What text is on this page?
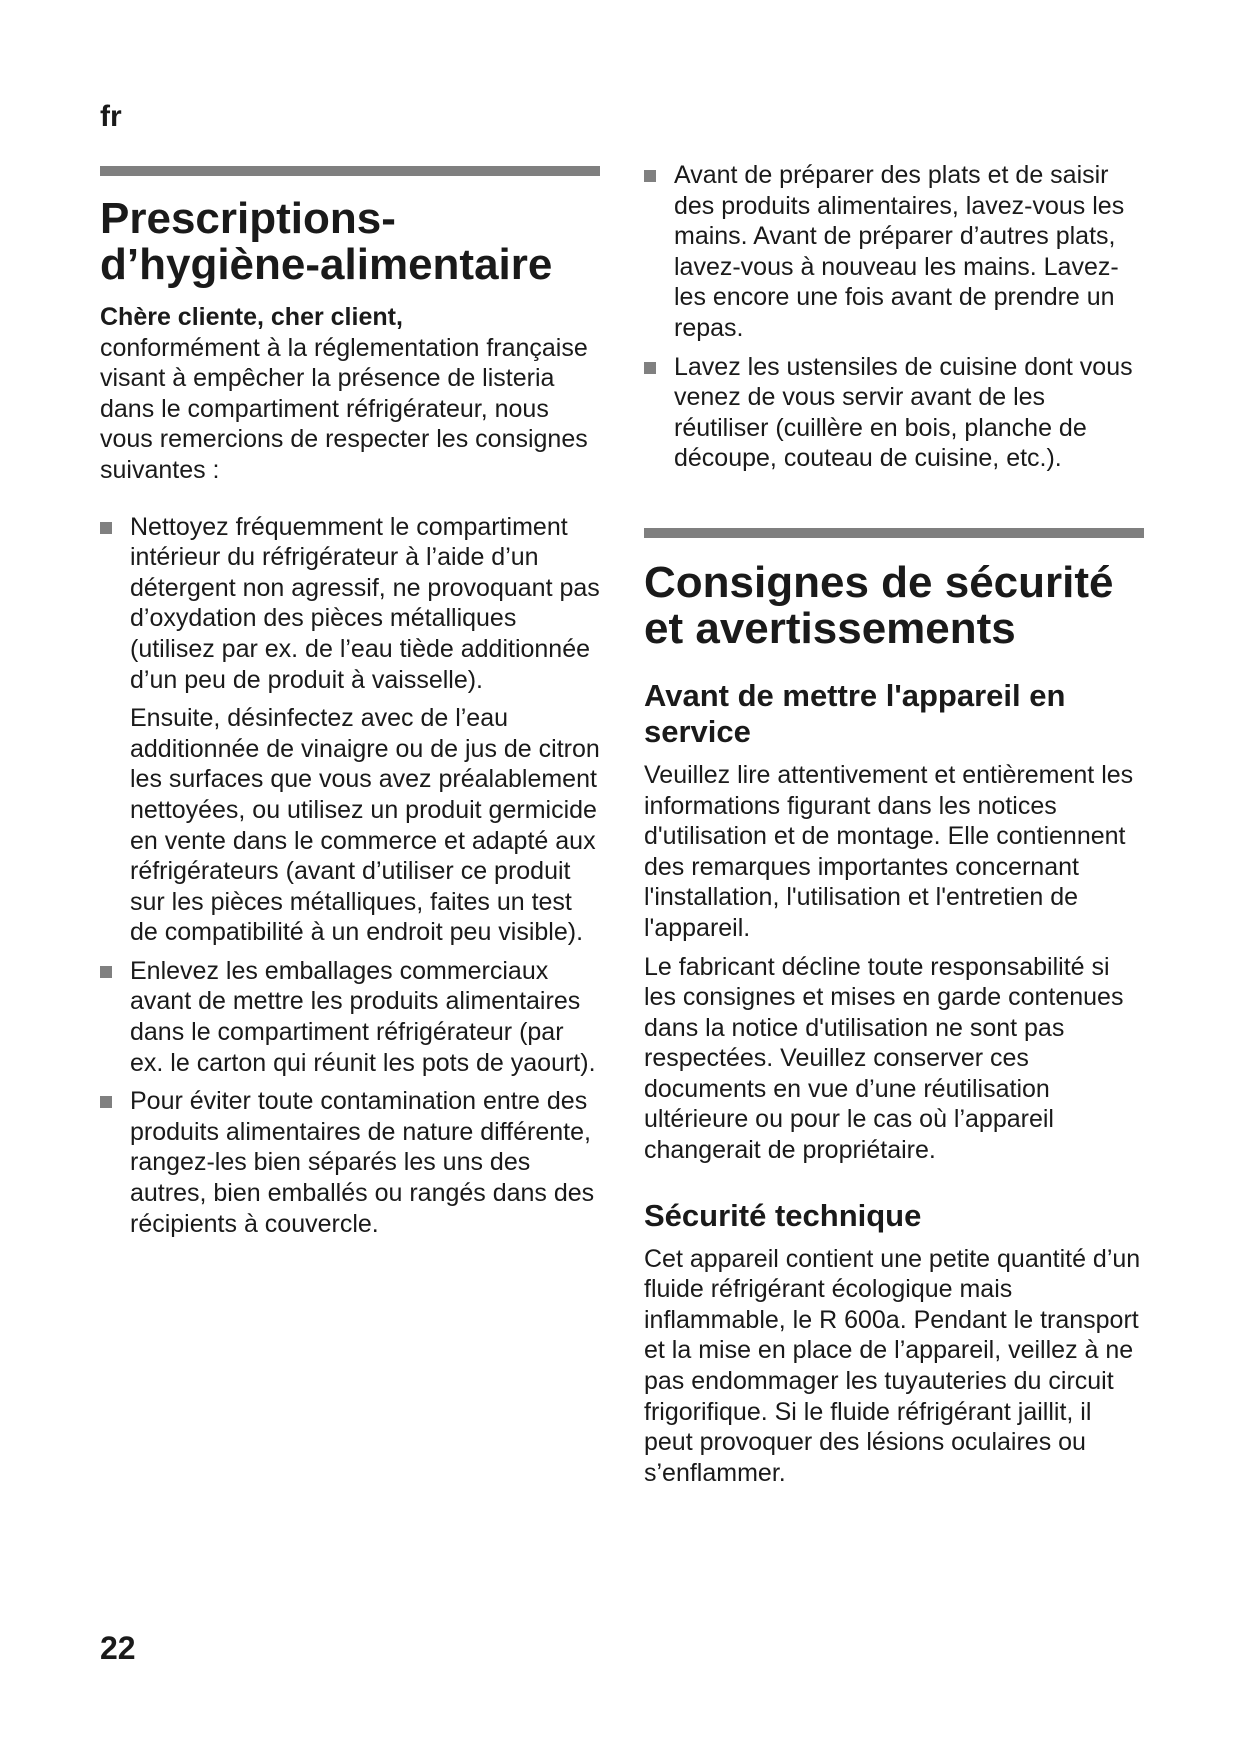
fr
Prescriptions-
d’hygiène-alimentaire

Chère cliente, cher client,
conformément à la réglementation française visant à empêcher la présence de listeria dans le compartiment réfrigérateur, nous vous remercions de respecter les consignes suivantes :

Nettoyez fréquemment le compartiment intérieur du réfrigérateur à l’aide d’un détergent non agressif, ne provoquant pas d’oxydation des pièces métalliques (utilisez par ex. de l’eau tiède additionnée d’un peu de produit à vaisselle).

Ensuite, désinfectez avec de l’eau additionnée de vinaigre ou de jus de citron les surfaces que vous avez préalablement nettoyées, ou utilisez un produit germicide en vente dans le commerce et adapté aux réfrigérateurs (avant d’utiliser ce produit sur les pièces métalliques, faites un test de compatibilité à un endroit peu visible).

Enlevez les emballages commerciaux avant de mettre les produits alimentaires dans le compartiment réfrigérateur (par ex. le carton qui réunit les pots de yaourt).
Pour éviter toute contamination entre des produits alimentaires de nature différente, rangez-les bien séparés les uns des autres, bien emballés ou rangés dans des récipients à couvercle.
Avant de préparer des plats et de saisir des produits alimentaires, lavez-vous les mains. Avant de préparer d’autres plats, lavez-vous à nouveau les mains. Lavez-les encore une fois avant de prendre un repas.
Lavez les ustensiles de cuisine dont vous venez de vous servir avant de les réutiliser (cuillère en bois, planche de découpe, couteau de cuisine, etc.).
Consignes de sécurité et avertissements
Avant de mettre l'appareil en service

Veuillez lire attentivement et entièrement les informations figurant dans les notices d'utilisation et de montage. Elle contiennent des remarques importantes concernant l'installation, l'utilisation et l'entretien de l'appareil.

Le fabricant décline toute responsabilité si les consignes et mises en garde contenues dans la notice d'utilisation ne sont pas respectées. Veuillez conserver ces documents en vue d’une réutilisation ultérieure ou pour le cas où l’appareil changerait de propriétaire.

Sécurité technique

Cet appareil contient une petite quantité d’un fluide réfrigérant écologique mais inflammable, le R 600a. Pendant le transport et la mise en place de l’appareil, veillez à ne pas endommager les tuyauteries du circuit frigorifique. Si le fluide réfrigérant jaillit, il peut provoquer des lésions oculaires ou s’enflammer.

22
